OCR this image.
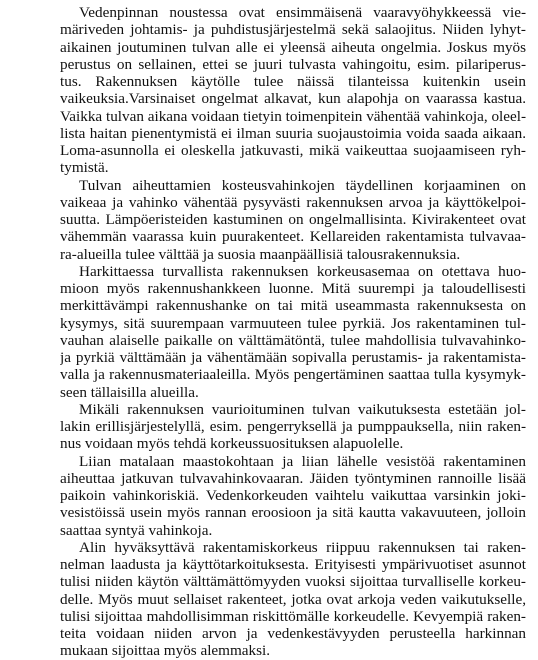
Vedenpinnan noustessa ovat ensimmäisenä vaaravyöhykkeessä vie-
märiveden johtamis- ja puhdistusjärjestelmä sekä salaojitus. Niiden lyhyt-
aikainen joutuminen tulvan alle ei yleensä aiheuta ongelmia. Joskus myös
perustus on sellainen, ettei se juuri tulvasta vahingoitu, esim. pilariperus-
tus. Rakennuksen käytölle tulee näissä tilanteissa kuitenkin usein
vaikeuksia.Varsinaiset ongelmat alkavat, kun alapohja on vaarassa kastua.
Vaikka tulvan aikana voidaan tietyin toimenpitein vähentää vahinkoja, oleel-
lista haitan pienentymistä ei ilman suuria suojaustoimia voida saada aikaan.
Loma-asunnolla ei oleskella jatkuvasti, mikä vaikeuttaa suojaamiseen ryh-
tymistä.
Tulvan aiheuttamien kosteusvahinkojen täydellinen korjaaminen on
vaikeaa ja vahinko vähentää pysyvästi rakennuksen arvoa ja käyttökelpoi-
suutta. Lämpöeristeiden kastuminen on ongelmallisinta. Kivirakenteet ovat
vähemmän vaarassa kuin puurakenteet. Kellareiden rakentamista tulvavaa-
ra-alueilla tulee välttää ja suosia maanpäällisiä talousrakennuksia.
Harkittaessa turvallista rakennuksen korkeusasemaa on otettava huo-
mioon myös rakennushankkeen luonne. Mitä suurempi ja taloudellisesti
merkittävämpi rakennushanke on tai mitä useammasta rakennuksesta on
kysymys, sitä suurempaan varmuuteen tulee pyrkiä. Jos rakentaminen tul-
vauhan alaiselle paikalle on välttämätöntä, tulee mahdollisia tulvavahinko-
ja pyrkiä välttämään ja vähentämään sopivalla perustamis- ja rakentamista-
valla ja rakennusmateriaaleilla. Myös pengertäminen saattaa tulla kysymyk-
seen tällaisilla alueilla.
Mikäli rakennuksen vaurioituminen tulvan vaikutuksesta estetään jol-
lakin erillisjärjestelyllä, esim. pengerryksellä ja pumppauksella, niin raken-
nus voidaan myös tehdä korkeussuosituksen alapuolelle.
Liian matalaan maastokohtaan ja liian lähelle vesistöä rakentaminen
aiheuttaa jatkuvan tulvavahinkovaaran. Jäiden työntyminen rannoille lisää
paikoin vahinkoriskiä. Vedenkorkeuden vaihtelu vaikuttaa varsinkin joki-
vesistöissä usein myös rannan eroosioon ja sitä kautta vakavuuteen, jolloin
saattaa syntyä vahinkoja.
Alin hyväksyttävä rakentamiskorkeus riippuu rakennuksen tai raken-
nelman laadusta ja käyttötarkoituksesta. Erityisesti ympärivuotiset asunnot
tulisi niiden käytön välttämättömyyden vuoksi sijoittaa turvalliselle korkeu-
delle. Myös muut sellaiset rakenteet, jotka ovat arkoja veden vaikutukselle,
tulisi sijoittaa mahdollisimman riskittömälle korkeudelle. Kevyempiä raken-
teita voidaan niiden arvon ja vedenkestävyyden perusteella harkinnan
mukaan sijoittaa myös alemmaksi.
